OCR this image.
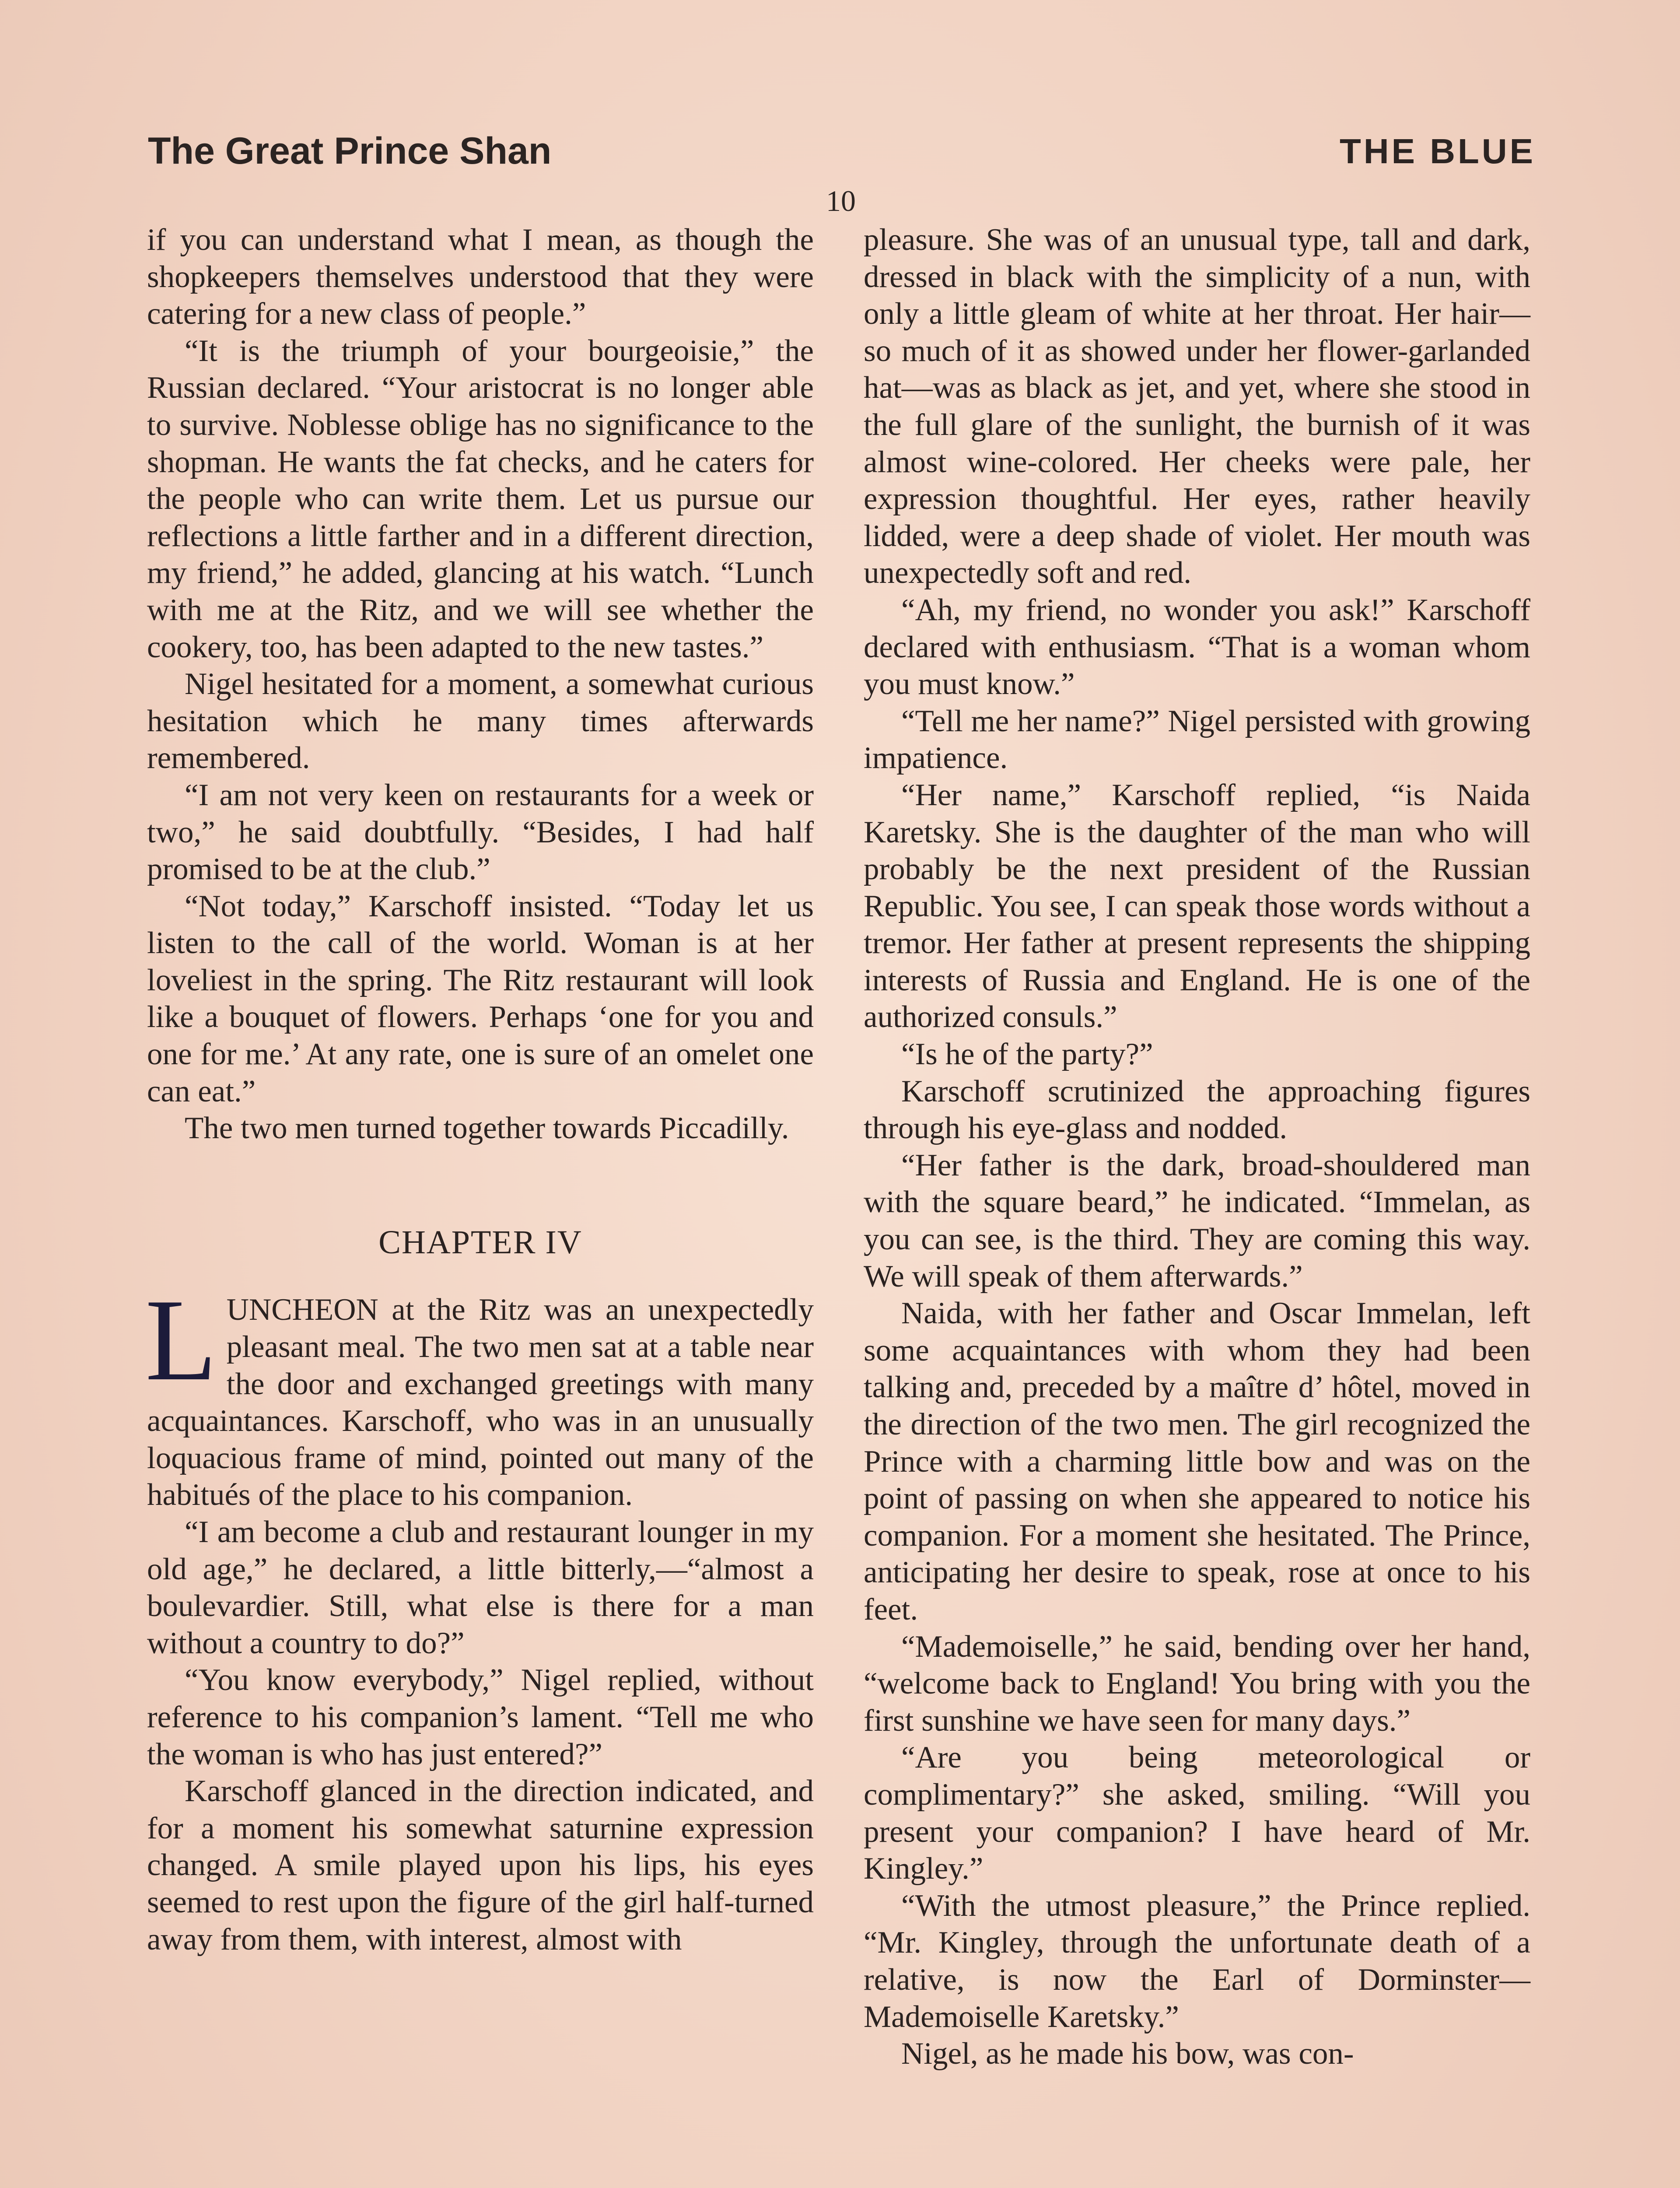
The Great Prince Shan	THE BLUE
10

if you can understand what I mean, as though the shopkeepers themselves understood that they were catering for a new class of people.”

“It is the triumph of your bourgeoisie,” the Russian declared. “Your aristocrat is no longer able to survive. Noblesse oblige has no significance to the shopman. He wants the fat checks, and he caters for the people who can write them. Let us pursue our reflections a little farther and in a different direction, my friend,” he added, glancing at his watch. “Lunch with me at the Ritz, and we will see whether the cookery, too, has been adapted to the new tastes.”

Nigel hesitated for a moment, a somewhat curious hesitation which he many times afterwards remembered.

“I am not very keen on restaurants for a week or two,” he said doubtfully. “Besides, I had half promised to be at the club.”

“Not today,” Karschoff insisted. “Today let us listen to the call of the world. Woman is at her loveliest in the spring. The Ritz restaurant will look like a bouquet of flowers. Perhaps ‘one for you and one for me.’ At any rate, one is sure of an omelet one can eat.”

The two men turned together towards Piccadilly.

CHAPTER IV

LUNCHEON at the Ritz was an unexpectedly pleasant meal. The two men sat at a table near the door and exchanged greetings with many acquaintances. Karschoff, who was in an unusually loquacious frame of mind, pointed out many of the habitués of the place to his companion.

“I am become a club and restaurant lounger in my old age,” he declared, a little bitterly,—“almost a boulevardier. Still, what else is there for a man without a country to do?”

“You know everybody,” Nigel replied, without reference to his companion’s lament. “Tell me who the woman is who has just entered?”

Karschoff glanced in the direction indicated, and for a moment his somewhat saturnine expression changed. A smile played upon his lips, his eyes seemed to rest upon the figure of the girl half-turned away from them, with interest, almost with

pleasure. She was of an unusual type, tall and dark, dressed in black with the simplicity of a nun, with only a little gleam of white at her throat. Her hair—so much of it as showed under her flower-garlanded hat—was as black as jet, and yet, where she stood in the full glare of the sunlight, the burnish of it was almost wine-colored. Her cheeks were pale, her expression thoughtful. Her eyes, rather heavily lidded, were a deep shade of violet. Her mouth was unexpectedly soft and red.

“Ah, my friend, no wonder you ask!” Karschoff declared with enthusiasm. “That is a woman whom you must know.”

“Tell me her name?” Nigel persisted with growing impatience.

“Her name,” Karschoff replied, “is Naida Karetsky. She is the daughter of the man who will probably be the next president of the Russian Republic. You see, I can speak those words without a tremor. Her father at present represents the shipping interests of Russia and England. He is one of the authorized consuls.”

“Is he of the party?”

Karschoff scrutinized the approaching figures through his eye-glass and nodded.

“Her father is the dark, broad-shouldered man with the square beard,” he indicated. “Immelan, as you can see, is the third. They are coming this way. We will speak of them afterwards.”

Naida, with her father and Oscar Immelan, left some acquaintances with whom they had been talking and, preceded by a maître d’ hôtel, moved in the direction of the two men. The girl recognized the Prince with a charming little bow and was on the point of passing on when she appeared to notice his companion. For a moment she hesitated. The Prince, anticipating her desire to speak, rose at once to his feet.

“Mademoiselle,” he said, bending over her hand, “welcome back to England! You bring with you the first sunshine we have seen for many days.”

“Are you being meteorological or complimentary?” she asked, smiling. “Will you present your companion? I have heard of Mr. Kingley.”

“With the utmost pleasure,” the Prince replied. “Mr. Kingley, through the unfortunate death of a relative, is now the Earl of Dorminster—Mademoiselle Karetsky.”

Nigel, as he made his bow, was con-
